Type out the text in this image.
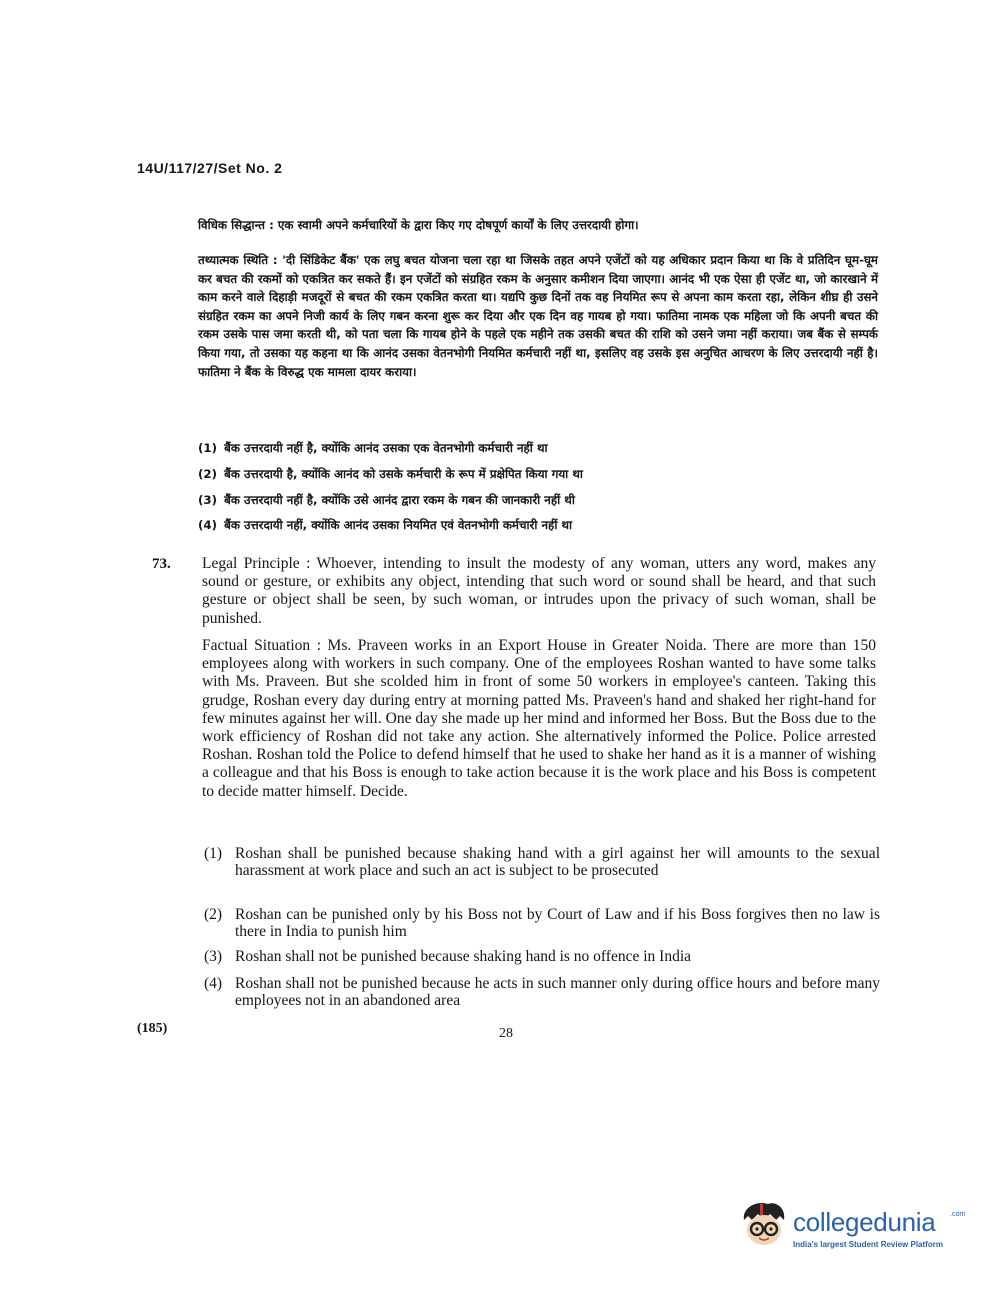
14U/117/27/Set No. 2
विधिक सिद्धान्त : एक स्वामी अपने कर्मचारियों के द्वारा किए गए दोषपूर्ण कार्यों के लिए उत्तरदायी होगा।
तथ्यात्मक स्थिति : 'दी सिंडिकेट बैंक' एक लघु बचत योजना चला रहा था जिसके तहत अपने एजेंटों को यह अधिकार प्रदान किया था कि वे प्रतिदिन घूम-घूम कर बचत की रकमों को एकत्रित कर सकते हैं। इन एजेंटों को संग्रहित रकम के अनुसार कमीशन दिया जाएगा। आनंद भी एक ऐसा ही एजेंट था, जो कारखाने में काम करने वाले दिहाड़ी मजदूरों से बचत की रकम एकत्रित करता था। यद्यपि कुछ दिनों तक वह नियमित रूप से अपना काम करता रहा, लेकिन शीघ्र ही उसने संग्रहित रकम का अपने निजी कार्य के लिए गबन करना शुरू कर दिया और एक दिन वह गायब हो गया। फातिमा नामक एक महिला जो कि अपनी बचत की रकम उसके पास जमा करती थी, को पता चला कि गायब होने के पहले एक महीने तक उसकी बचत की राशि को उसने जमा नहीं कराया। जब बैंक से सम्पर्क किया गया, तो उसका यह कहना था कि आनंद उसका वेतनभोगी नियमित कर्मचारी नहीं था, इसलिए वह उसके इस अनुचित आचरण के लिए उत्तरदायी नहीं है। फातिमा ने बैंक के विरुद्ध एक मामला दायर कराया।
(1) बैंक उत्तरदायी नहीं है, क्योंकि आनंद उसका एक वेतनभोगी कर्मचारी नहीं था
(2) बैंक उत्तरदायी है, क्योंकि आनंद को उसके कर्मचारी के रूप में प्रक्षेपित किया गया था
(3) बैंक उत्तरदायी नहीं है, क्योंकि उसे आनंद द्वारा रकम के गबन की जानकारी नहीं थी
(4) बैंक उत्तरदायी नहीं, क्योंकि आनंद उसका नियमित एवं वेतनभोगी कर्मचारी नहीं था
73. Legal Principle : Whoever, intending to insult the modesty of any woman, utters any word, makes any sound or gesture, or exhibits any object, intending that such word or sound shall be heard, and that such gesture or object shall be seen, by such woman, or intrudes upon the privacy of such woman, shall be punished.
Factual Situation : Ms. Praveen works in an Export House in Greater Noida. There are more than 150 employees along with workers in such company. One of the employees Roshan wanted to have some talks with Ms. Praveen. But she scolded him in front of some 50 workers in employee's canteen. Taking this grudge, Roshan every day during entry at morning patted Ms. Praveen's hand and shaked her right-hand for few minutes against her will. One day she made up her mind and informed her Boss. But the Boss due to the work efficiency of Roshan did not take any action. She alternatively informed the Police. Police arrested Roshan. Roshan told the Police to defend himself that he used to shake her hand as it is a manner of wishing a colleague and that his Boss is enough to take action because it is the work place and his Boss is competent to decide matter himself. Decide.
(1) Roshan shall be punished because shaking hand with a girl against her will amounts to the sexual harassment at work place and such an act is subject to be prosecuted
(2) Roshan can be punished only by his Boss not by Court of Law and if his Boss forgives then no law is there in India to punish him
(3) Roshan shall not be punished because shaking hand is no offence in India
(4) Roshan shall not be punished because he acts in such manner only during office hours and before many employees not in an abandoned area
(185)	28
collegedunia .com
India's largest Student Review Platform
